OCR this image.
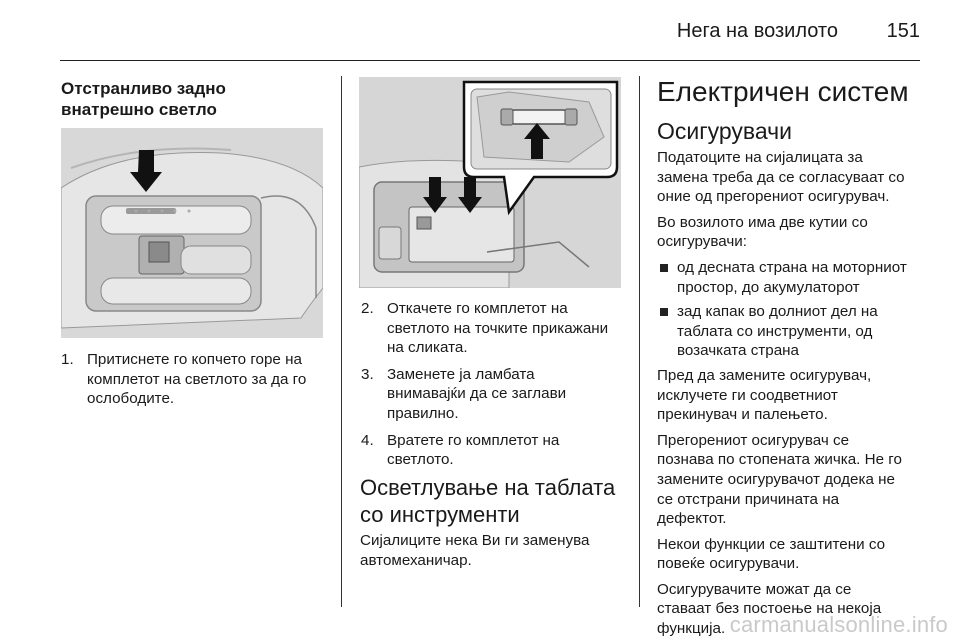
Нега на возилото 151

Отстранливо задно
внатрешно светло

1. Притиснете го копчето горе на
комплетот на светлото за да го
ослободите.
2. Откачете го комплетот на
светлото на точките прикажани
на сликата.
3. Заменете ја ламбата
внимавајќи да се заглави
правилно.
4. Вратете го комплетот на
светлото.

Осветлување на таблата
со инструменти

Сијалиците нека Ви ги заменува
автомеханичар.

Електричен систем

Осигурувачи

Податоците на сијалицата за
замена треба да се согласуваат со
оние од прегорениот осигурувач.

Во возилото има две кутии со
осигурувачи:

од десната страна на моторниот
простор, до акумулаторот
зад капак во долниот дел на
таблата со инструменти, од
возачката страна

Пред да замените осигурувач,
исклучете ги соодветниот
прекинувач и палењето.

Прегорениот осигурувач се
познава по стопената жичка. Не го
замените осигурувачот додека не
се отстрани причината на
дефектот.

Некои функции се заштитени со
повеќе осигурувачи.

Осигурувачите можат да се
ставаат без постоење на некоја
функција. carmanualsonline.info
